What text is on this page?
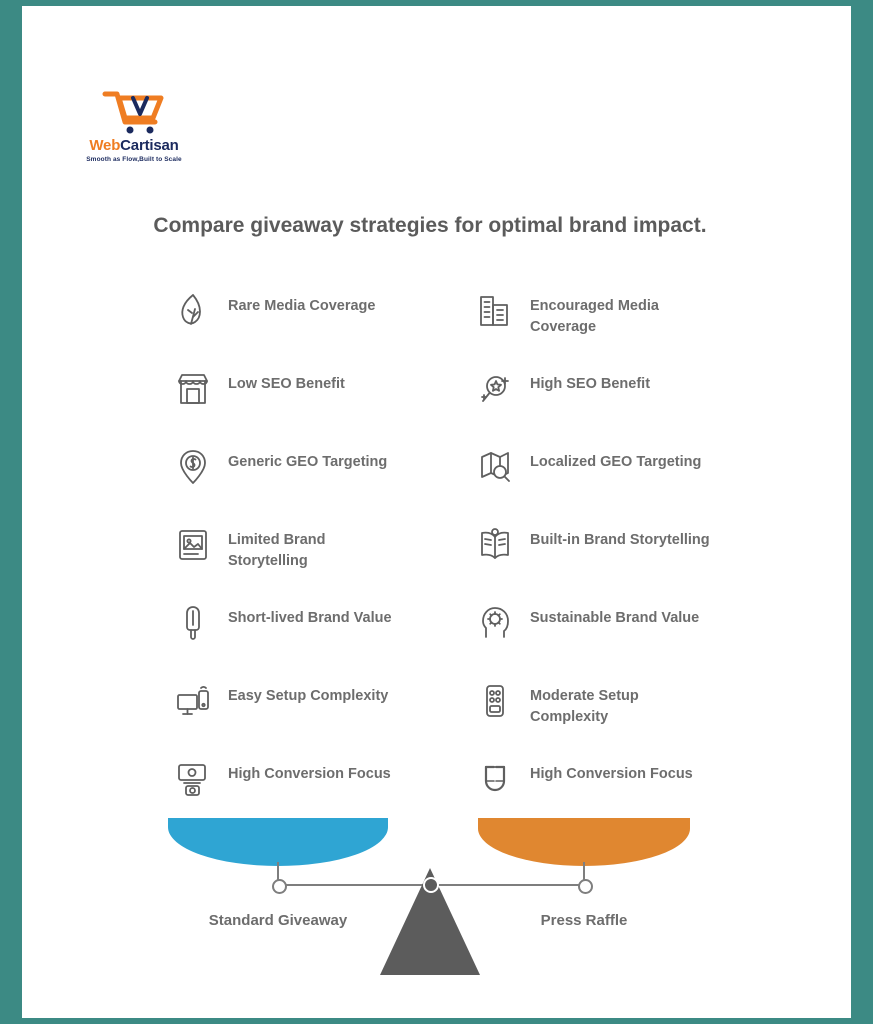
WebCartisan
Smooth as Flow,Built to Scale
Compare giveaway strategies for optimal brand impact.
Rare Media Coverage
Low SEO Benefit
Generic GEO Targeting
Limited Brand Storytelling
Short-lived Brand Value
Easy Setup Complexity
High Conversion Focus
Encouraged Media Coverage
High SEO Benefit
Localized GEO Targeting
Built-in Brand Storytelling
Sustainable Brand Value
Moderate Setup Complexity
High Conversion Focus
Standard Giveaway	Press Raffle
